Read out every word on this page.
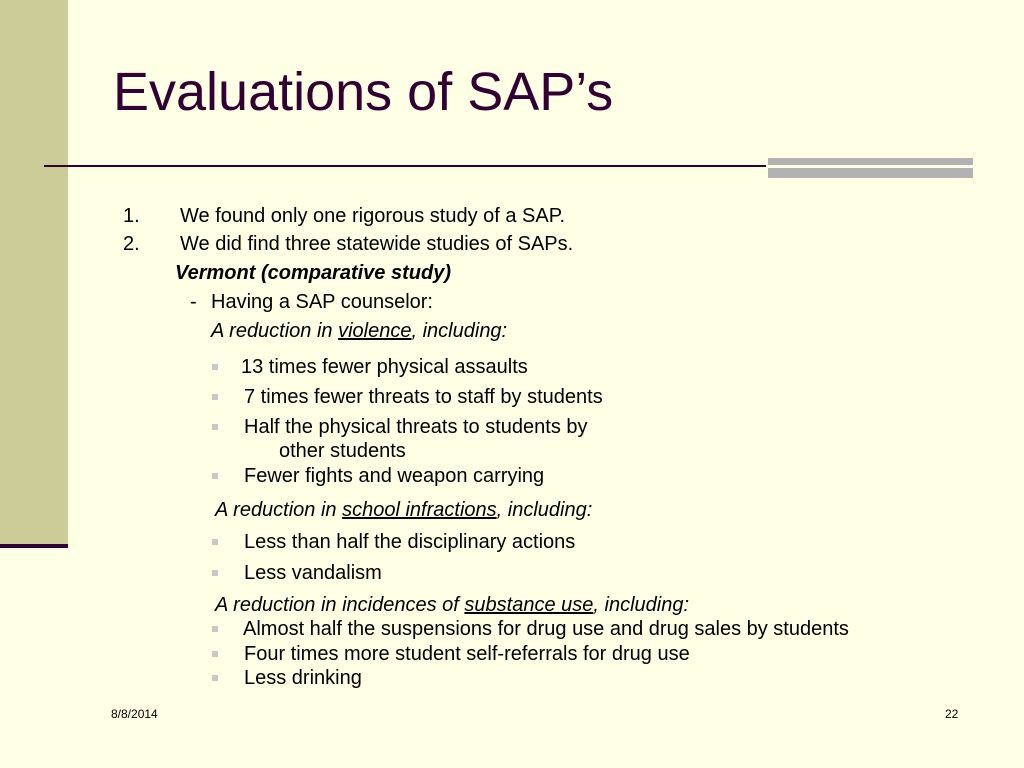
Evaluations of SAP’s
1. We found only one rigorous study of a SAP.
2. We did find three statewide studies of SAPs.
Vermont (comparative study)
- Having a SAP counselor:
A reduction in violence, including:
13 times fewer physical assaults
7 times fewer threats to staff by students
Half the physical threats to students by
other students
Fewer fights and weapon carrying
A reduction in school infractions, including:
Less than half the disciplinary actions
Less vandalism
A reduction in incidences of substance use, including:
Almost half the suspensions for drug use and drug sales by students
Four times more student self-referrals for drug use
Less drinking
8/8/2014	22
